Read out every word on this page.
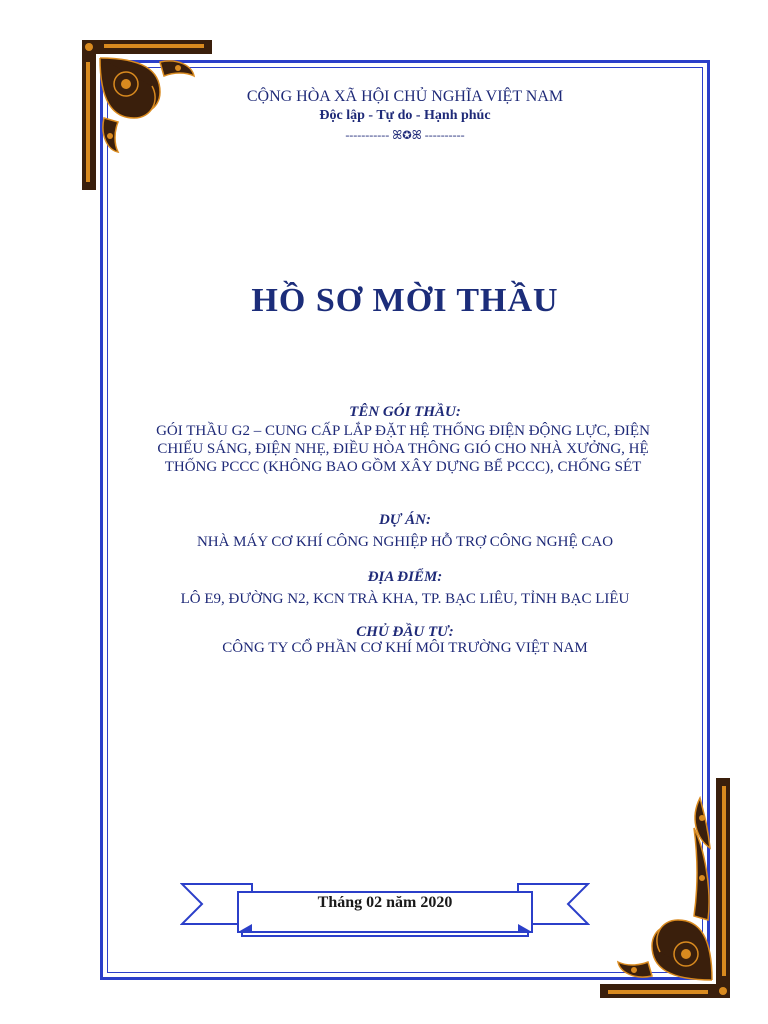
CỘNG HÒA XÃ HỘI CHỦ NGHĨA VIỆT NAM
Độc lập - Tự do - Hạnh phúc
----------- ꕤ✪ꕤ ----------
HỒ SƠ MỜI THẦU
TÊN GÓI THẦU:
GÓI THẦU G2 – CUNG CẤP LẮP ĐẶT HỆ THỐNG ĐIỆN ĐỘNG LỰC, ĐIỆN CHIẾU SÁNG, ĐIỆN NHẸ, ĐIỀU HÒA THÔNG GIÓ CHO NHÀ XƯỞNG, HỆ THỐNG PCCC (KHÔNG BAO GỒM XÂY DỰNG BỂ PCCC), CHỐNG SÉT
DỰ ÁN:
NHÀ MÁY CƠ KHÍ CÔNG NGHIỆP HỖ TRỢ CÔNG NGHỆ CAO
ĐỊA ĐIỂM:
LÔ E9, ĐƯỜNG N2, KCN TRÀ KHA, TP. BẠC LIÊU, TỈNH BẠC LIÊU
CHỦ ĐẦU TƯ:
CÔNG TY CỔ PHẦN CƠ KHÍ MÔI TRƯỜNG VIỆT NAM
Tháng 02 năm 2020
